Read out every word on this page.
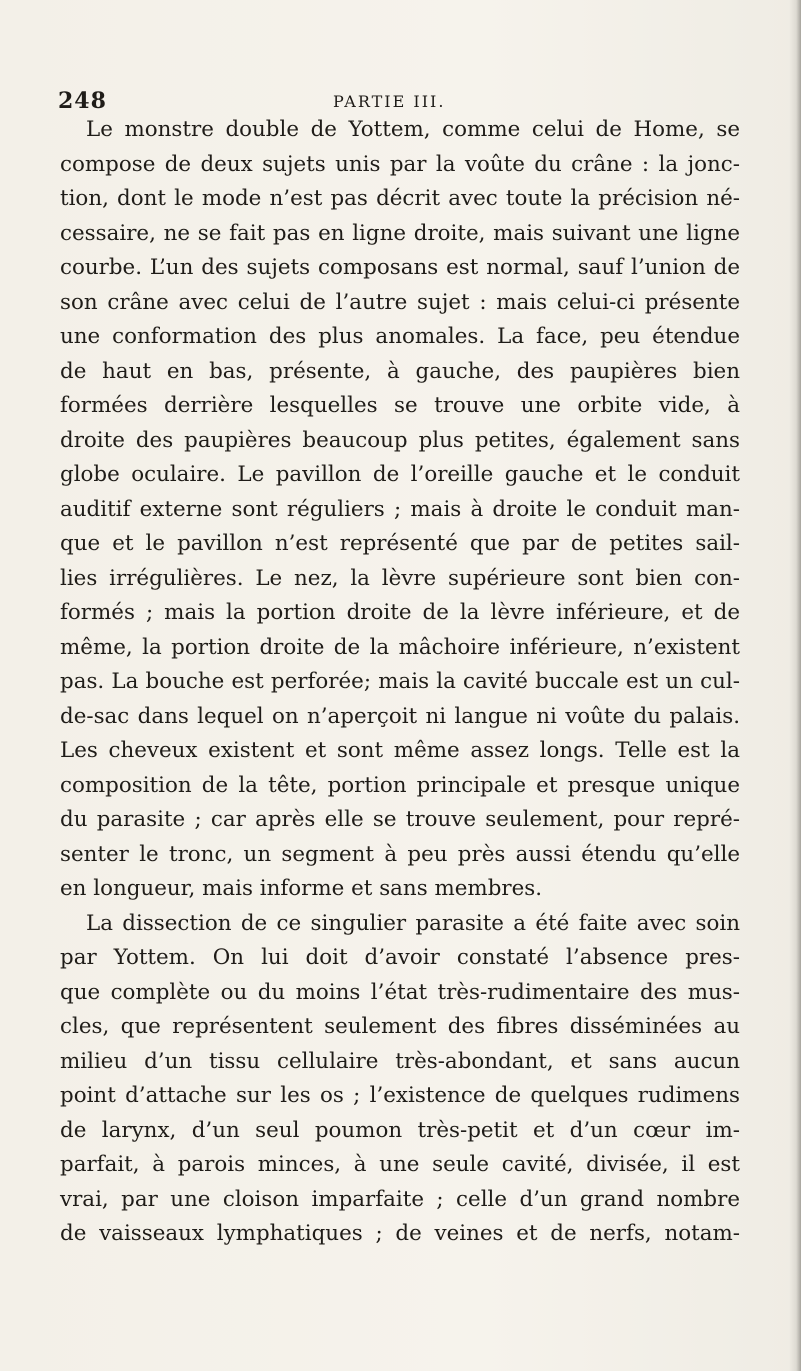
248	PARTIE III.
Le monstre double de Yottem, comme celui de Home, se
compose de deux sujets unis par la voûte du crâne : la jonc-
tion, dont le mode n’est pas décrit avec toute la précision né-
cessaire, ne se fait pas en ligne droite, mais suivant une ligne
courbe. L’un des sujets composans est normal, sauf l’union de
son crâne avec celui de l’autre sujet : mais celui-ci présente
une conformation des plus anomales. La face, peu étendue
de haut en bas, présente, à gauche, des paupières bien
formées derrière lesquelles se trouve une orbite vide, à
droite des paupières beaucoup plus petites, également sans
globe oculaire. Le pavillon de l’oreille gauche et le conduit
auditif externe sont réguliers ; mais à droite le conduit man-
que et le pavillon n’est représenté que par de petites sail-
lies irrégulières. Le nez, la lèvre supérieure sont bien con-
formés ; mais la portion droite de la lèvre inférieure, et de
même, la portion droite de la mâchoire inférieure, n’existent
pas. La bouche est perforée; mais la cavité buccale est un cul-
de-sac dans lequel on n’aperçoit ni langue ni voûte du palais.
Les cheveux existent et sont même assez longs. Telle est la
composition de la tête, portion principale et presque unique
du parasite ; car après elle se trouve seulement, pour repré-
senter le tronc, un segment à peu près aussi étendu qu’elle
en longueur, mais informe et sans membres.
La dissection de ce singulier parasite a été faite avec soin
par Yottem. On lui doit d’avoir constaté l’absence pres-
que complète ou du moins l’état très-rudimentaire des mus-
cles, que représentent seulement des fibres disséminées au
milieu d’un tissu cellulaire très-abondant, et sans aucun
point d’attache sur les os ; l’existence de quelques rudimens
de larynx, d’un seul poumon très-petit et d’un cœur im-
parfait, à parois minces, à une seule cavité, divisée, il est
vrai, par une cloison imparfaite ; celle d’un grand nombre
de vaisseaux lymphatiques ; de veines et de nerfs, notam-
